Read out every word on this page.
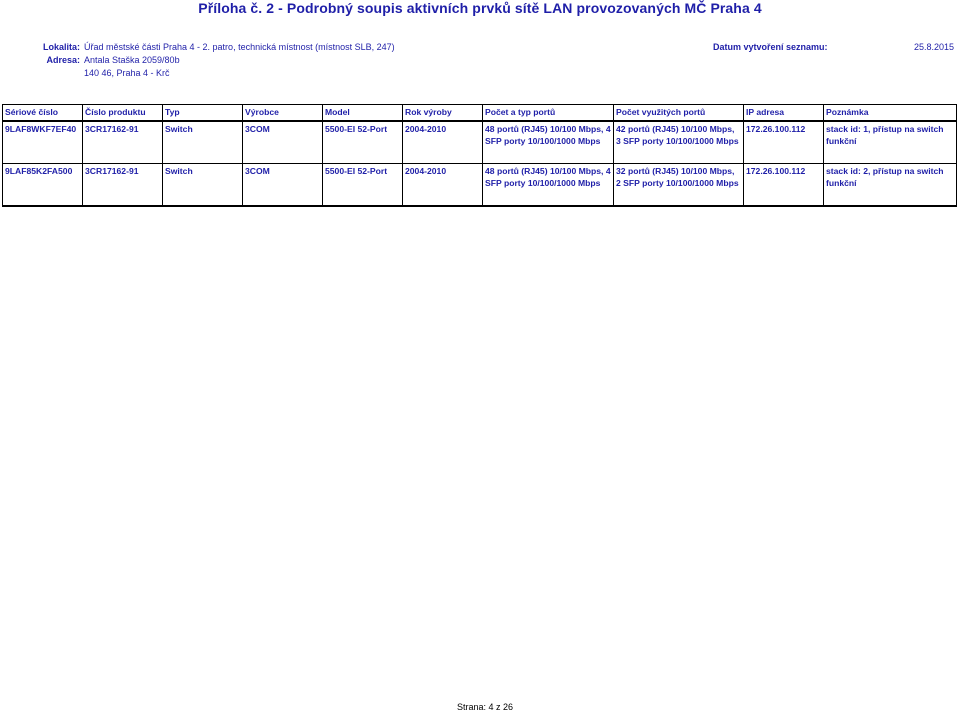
Příloha č. 2 - Podrobný soupis aktivních prvků sítě LAN provozovaných MČ Praha 4
Lokalita: Úřad městské části Praha 4 - 2. patro, technická místnost (místnost SLB, 247)
Adresa: Antala Staška 2059/80b
140 46, Praha 4 - Krč
Datum vytvoření seznamu:	25.8.2015
Sériové číslo	Číslo produktu	Typ	Výrobce	Model	Rok výroby	Počet a typ portů	Počet využitých portů	IP adresa	Poznámka
9LAF8WKF7EF40	3CR17162-91	Switch	3COM	5500-EI 52-Port	2004-2010	48 portů (RJ45) 10/100 Mbps, 4 SFP porty 10/100/1000 Mbps	42 portů (RJ45) 10/100 Mbps, 3 SFP porty 10/100/1000 Mbps	172.26.100.112	stack id: 1, přístup na switch funkční
9LAF85K2FA500	3CR17162-91	Switch	3COM	5500-EI 52-Port	2004-2010	48 portů (RJ45) 10/100 Mbps, 4 SFP porty 10/100/1000 Mbps	32 portů (RJ45) 10/100 Mbps, 2 SFP porty 10/100/1000 Mbps	172.26.100.112	stack id: 2, přístup na switch funkční
Strana: 4 z 26
